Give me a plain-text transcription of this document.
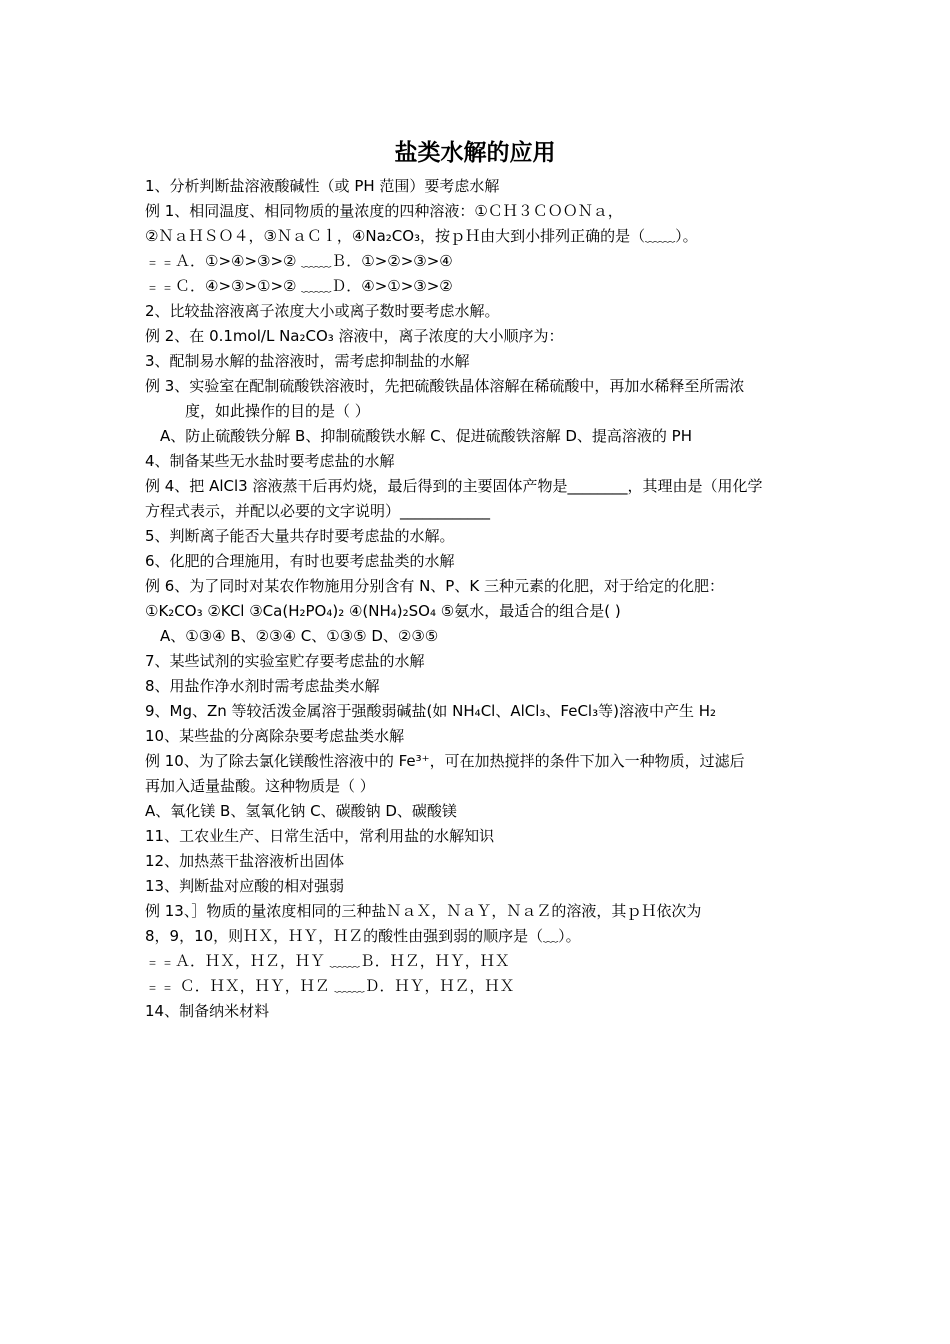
盐类水解的应用
1、分析判断盐溶液酸碱性（或 PH 范围）要考虑水解
例 1、相同温度、相同物质的量浓度的四种溶液：①ＣＨ３ＣＯＯＮａ，
②ＮａＨＳＯ４，③ＮａＣｌ，④Na₂CO₃，按ｐＨ由大到小排列正确的是（﹏﹏）。
﹦﹦Ａ．①>④>③>② ﹏﹏Ｂ．①>②>③>④
﹦﹦Ｃ．④>③>①>② ﹏﹏Ｄ．④>①>③>②
2、比较盐溶液离子浓度大小或离子数时要考虑水解。
例 2、在 0.1mol/L Na₂CO₃ 溶液中，离子浓度的大小顺序为：
3、配制易水解的盐溶液时，需考虑抑制盐的水解
例 3、实验室在配制硫酸铁溶液时，先把硫酸铁晶体溶解在稀硫酸中，再加水稀释至所需浓
度，如此操作的目的是（ ）
A、防止硫酸铁分解 B、抑制硫酸铁水解 C、促进硫酸铁溶解 D、提高溶液的 PH
4、制备某些无水盐时要考虑盐的水解
例 4、把 AlCl3 溶液蒸干后再灼烧，最后得到的主要固体产物是________，其理由是（用化学
方程式表示，并配以必要的文字说明）____________
5、判断离子能否大量共存时要考虑盐的水解。
6、化肥的合理施用，有时也要考虑盐类的水解
例 6、为了同时对某农作物施用分别含有 N、P、K 三种元素的化肥，对于给定的化肥：
①K₂CO₃ ②KCl ③Ca(H₂PO₄)₂ ④(NH₄)₂SO₄ ⑤氨水，最适合的组合是( )
A、①③④ B、②③④ C、①③⑤ D、②③⑤
7、某些试剂的实验室贮存要考虑盐的水解
8、用盐作净水剂时需考虑盐类水解
9、Mg、Zn 等较活泼金属溶于强酸弱碱盐(如 NH₄Cl、AlCl₃、FeCl₃等)溶液中产生 H₂
10、某些盐的分离除杂要考虑盐类水解
例 10、为了除去氯化镁酸性溶液中的 Fe³⁺，可在加热搅拌的条件下加入一种物质，过滤后
再加入适量盐酸。这种物质是（ ）
A、氧化镁 B、氢氧化钠 C、碳酸钠 D、碳酸镁
11、工农业生产、日常生活中，常利用盐的水解知识
12、加热蒸干盐溶液析出固体
13、判断盐对应酸的相对强弱
例 13、］物质的量浓度相同的三种盐ＮａＸ，ＮａＹ，ＮａＺ的溶液，其ｐＨ依次为
8，9，10，则ＨＸ，ＨＹ，ＨＺ的酸性由强到弱的顺序是（﹏）。
﹦﹦Ａ．ＨＸ，ＨＺ，ＨＹ ﹏﹏Ｂ．ＨＺ，ＨＹ，ＨＸ
﹦﹦ Ｃ．ＨＸ，ＨＹ，ＨＺ ﹏﹏Ｄ．ＨＹ，ＨＺ，ＨＸ
14、制备纳米材料
